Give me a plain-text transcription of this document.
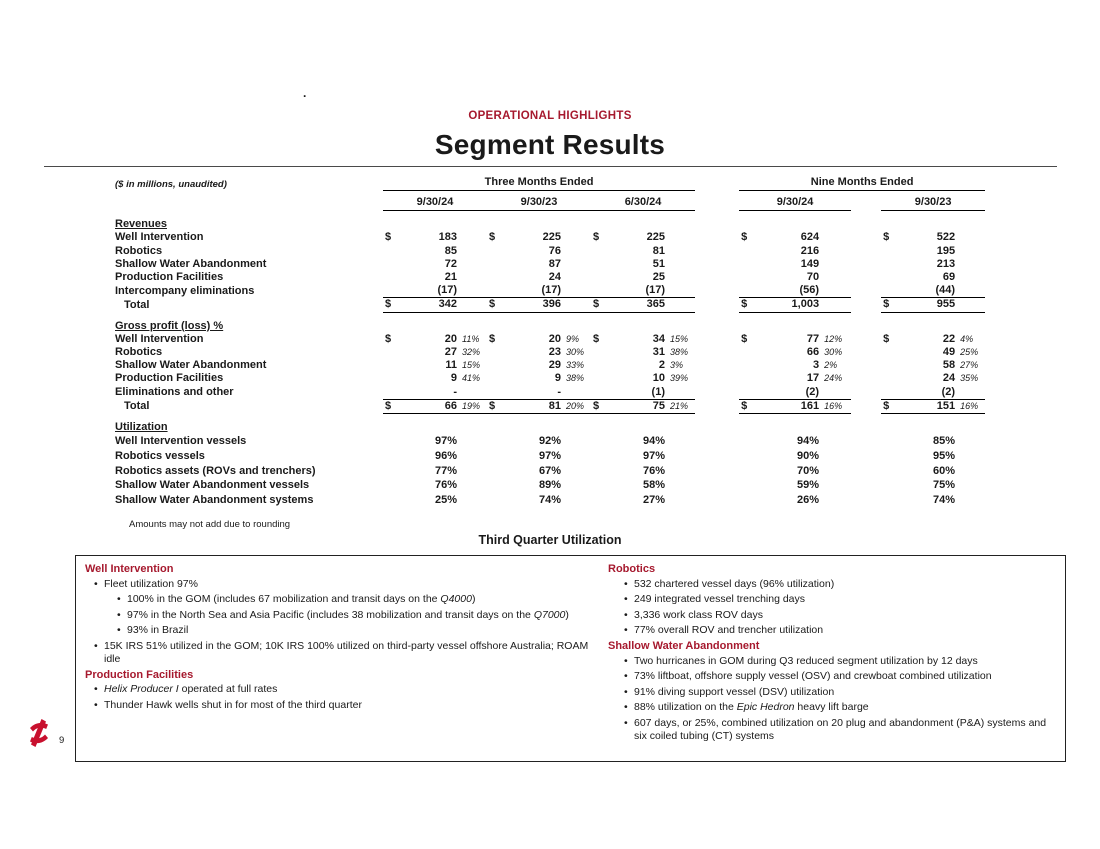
.
OPERATIONAL HIGHLIGHTS
Segment Results
($ in millions, unaudited)	Three Months Ended										Nine Months Ended						
	9/30/24			9/30/23			6/30/24				9/30/24				9/30/23		
Revenues																	
Well Intervention	$	183		$	225		$	225			$	624			$	522	
Robotics		85			76			81				216				195	
Shallow Water Abandonment		72			87			51				149				213	
Production Facilities		21			24			25				70				69	
Intercompany eliminations		(17)			(17)			(17)				(56)				(44)	
Total	$	342		$	396		$	365			$	1,003			$	955	
Gross profit (loss) %																	
Well Intervention	$	20	11%	$	20	9%	$	34	15%		$	77	12%		$	22	4%
Robotics		27	32%		23	30%		31	38%			66	30%			49	25%
Shallow Water Abandonment		11	15%		29	33%		2	3%			3	2%			58	27%
Production Facilities		9	41%		9	38%		10	39%			17	24%			24	35%
Eliminations and other		-			-			(1)				(2)				(2)	
Total	$	66	19%	$	81	20%	$	75	21%		$	161	16%		$	151	16%
Utilization																	
Well Intervention vessels		97%			92%			94%				94%				85%	
Robotics vessels		96%			97%			97%				90%				95%	
Robotics assets (ROVs and trenchers)		77%			67%			76%				70%				60%	
Shallow Water Abandonment vessels		76%			89%			58%				59%				75%	
Shallow Water Abandonment systems		25%			74%			27%				26%				74%	
Amounts may not add due to rounding																	
Third Quarter Utilization
Well Intervention
• Fleet utilization 97%
• 100% in the GOM (includes 67 mobilization and transit days on the Q4000)
• 97% in the North Sea and Asia Pacific (includes 38 mobilization and transit days on the Q7000)
• 93% in Brazil
• 15K IRS 51% utilized in the GOM; 10K IRS 100% utilized on third-party vessel offshore Australia; ROAM idle
Production Facilities
• Helix Producer I operated at full rates
• Thunder Hawk wells shut in for most of the third quarter
Robotics
• 532 chartered vessel days (96% utilization)
• 249 integrated vessel trenching days
• 3,336 work class ROV days
• 77% overall ROV and trencher utilization
Shallow Water Abandonment
• Two hurricanes in GOM during Q3 reduced segment utilization by 12 days
• 73% liftboat, offshore supply vessel (OSV) and crewboat combined utilization
• 91% diving support vessel (DSV) utilization
• 88% utilization on the Epic Hedron heavy lift barge
• 607 days, or 25%, combined utilization on 20 plug and abandonment (P&A) systems and six coiled tubing (CT) systems
9
